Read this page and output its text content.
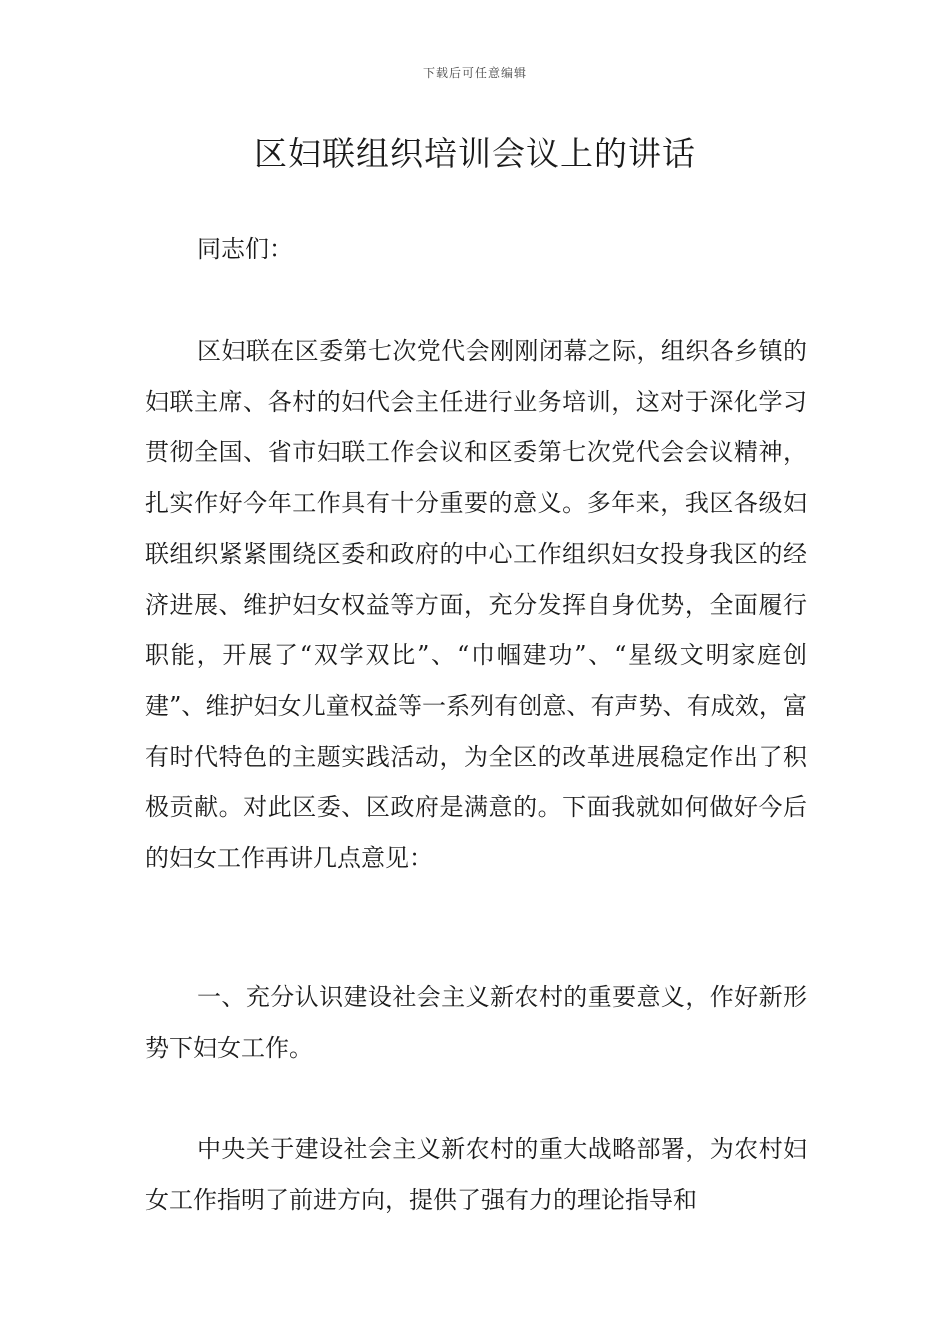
下载后可任意编辑
区妇联组织培训会议上的讲话

同志们：

区妇联在区委第七次党代会刚刚闭幕之际，组织各乡镇的妇联主席、各村的妇代会主任进行业务培训，这对于深化学习贯彻全国、省市妇联工作会议和区委第七次党代会会议精神，扎实作好今年工作具有十分重要的意义。多年来，我区各级妇联组织紧紧围绕区委和政府的中心工作组织妇女投身我区的经济进展、维护妇女权益等方面，充分发挥自身优势，全面履行职能，开展了“双学双比”、“巾帼建功”、“星级文明家庭创建”、维护妇女儿童权益等一系列有创意、有声势、有成效，富有时代特色的主题实践活动，为全区的改革进展稳定作出了积极贡献。对此区委、区政府是满意的。下面我就如何做好今后的妇女工作再讲几点意见：

一、充分认识建设社会主义新农村的重要意义，作好新形势下妇女工作。

中央关于建设社会主义新农村的重大战略部署，为农村妇女工作指明了前进方向，提供了强有力的理论指导和
